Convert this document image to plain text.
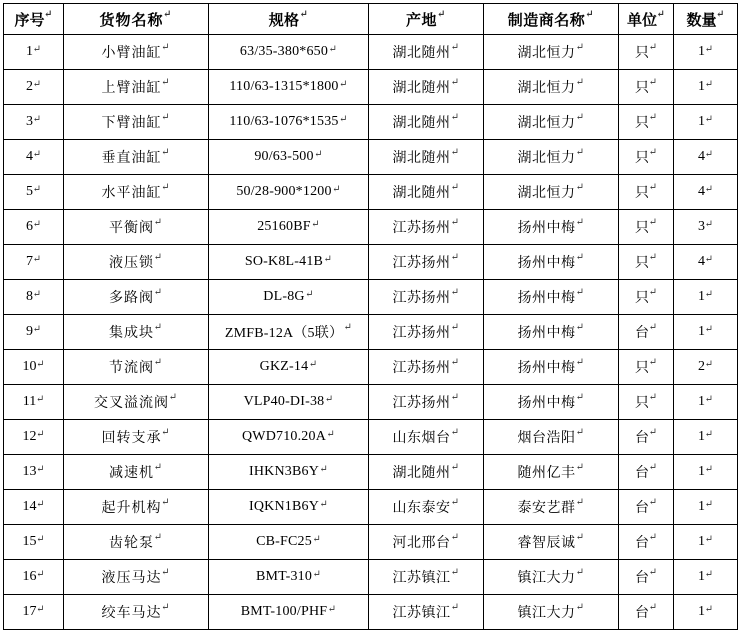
序号 ↵	货物名称 ↵	规格 ↵	产地 ↵	制造商名称 ↵	单位 ↵	数量 ↵
1 ↵	小臂油缸 ↵	63/35-380*650 ↵	湖北随州 ↵	湖北恒力 ↵	只 ↵	1 ↵
2 ↵	上臂油缸 ↵	110/63-1315*1800 ↵	湖北随州 ↵	湖北恒力 ↵	只 ↵	1 ↵
3 ↵	下臂油缸 ↵	110/63-1076*1535 ↵	湖北随州 ↵	湖北恒力 ↵	只 ↵	1 ↵
4 ↵	垂直油缸 ↵	90/63-500 ↵	湖北随州 ↵	湖北恒力 ↵	只 ↵	4 ↵
5 ↵	水平油缸 ↵	50/28-900*1200 ↵	湖北随州 ↵	湖北恒力 ↵	只 ↵	4 ↵
6 ↵	平衡阀 ↵	25160BF ↵	江苏扬州 ↵	扬州中梅 ↵	只 ↵	3 ↵
7 ↵	液压锁 ↵	SO-K8L-41B ↵	江苏扬州 ↵	扬州中梅 ↵	只 ↵	4 ↵
8 ↵	多路阀 ↵	DL-8G ↵	江苏扬州 ↵	扬州中梅 ↵	只 ↵	1 ↵
9 ↵	集成块 ↵	ZMFB-12A（5联） ↵	江苏扬州 ↵	扬州中梅 ↵	台 ↵	1 ↵
10 ↵	节流阀 ↵	GKZ-14 ↵	江苏扬州 ↵	扬州中梅 ↵	只 ↵	2 ↵
11 ↵	交叉溢流阀 ↵	VLP40-DI-38 ↵	江苏扬州 ↵	扬州中梅 ↵	只 ↵	1 ↵
12 ↵	回转支承 ↵	QWD710.20A ↵	山东烟台 ↵	烟台浩阳 ↵	台 ↵	1 ↵
13 ↵	减速机 ↵	IHKN3B6Y ↵	湖北随州 ↵	随州亿丰 ↵	台 ↵	1 ↵
14 ↵	起升机构 ↵	IQKN1B6Y ↵	山东泰安 ↵	泰安艺群 ↵	台 ↵	1 ↵
15 ↵	齿轮泵 ↵	CB-FC25 ↵	河北邢台 ↵	睿智辰诚 ↵	台 ↵	1 ↵
16 ↵	液压马达 ↵	BMT-310 ↵	江苏镇江 ↵	镇江大力 ↵	台 ↵	1 ↵
17 ↵	绞车马达 ↵	BMT-100/PHF ↵	江苏镇江 ↵	镇江大力 ↵	台 ↵	1 ↵
